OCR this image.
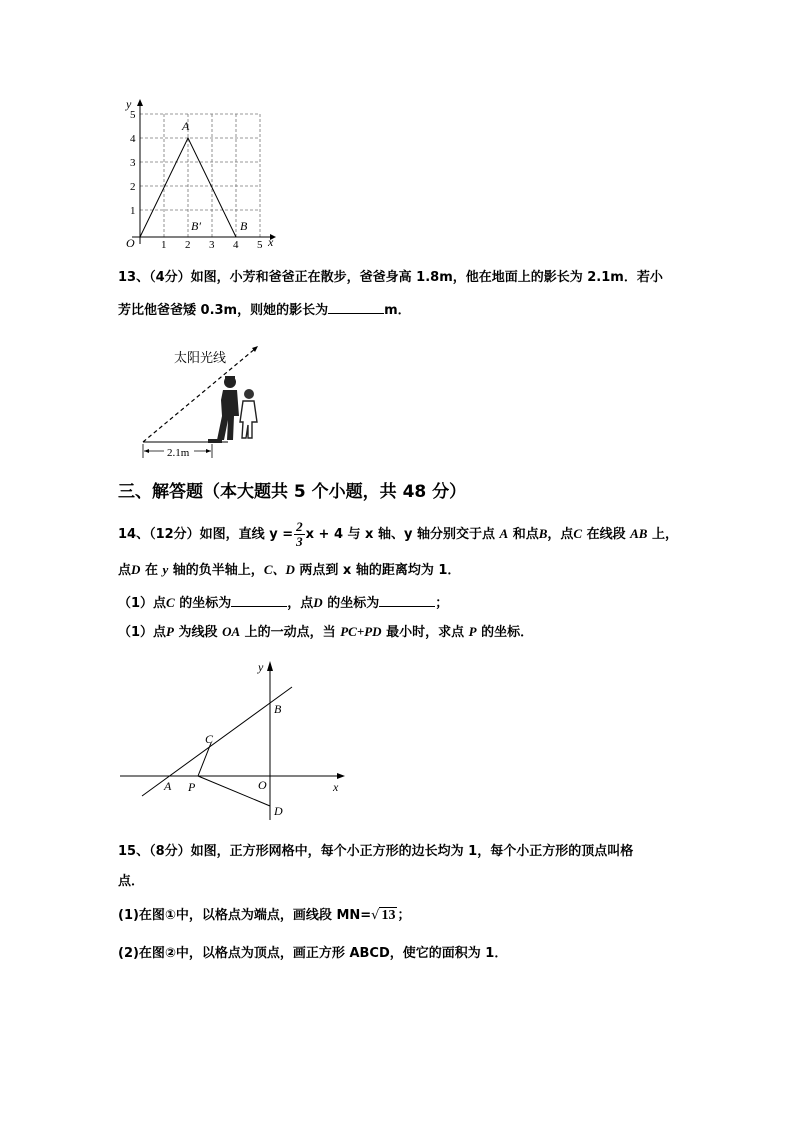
y
x
O
1
2
3
4
5
1 2 3 4 5
A
B′	B
13、（4分）如图，小芳和爸爸正在散步，爸爸身高 1.8m，他在地面上的影长为 2.1m．若小
芳比他爸爸矮 0.3m，则她的影长为	m．
太阳光线
2.1m
三、解答题（本大题共 5 个小题，共 48 分）
14、（12分）如图，直线 $y = \frac{2}{3}$ x + 4 与 x 轴、y 轴分别交于点 A 和点B，点C 在线段 AB 上，
点D 在 y 轴的负半轴上，C、D 两点到 x 轴的距离均为 1．
（1）点C 的坐标为	，点D 的坐标为	；
（1）点P 为线段 OA 上的一动点，当 PC+PD 最小时，求点 P 的坐标．
y
x
B
C
A P	O
D
15、（8分）如图，正方形网格中，每个小正方形的边长均为 1，每个小正方形的顶点叫格
点．
(1)在图①中，以格点为端点，画线段 MN=√ 13 ；
(2)在图②中，以格点为顶点，画正方形 ABCD，使它的面积为 1．
